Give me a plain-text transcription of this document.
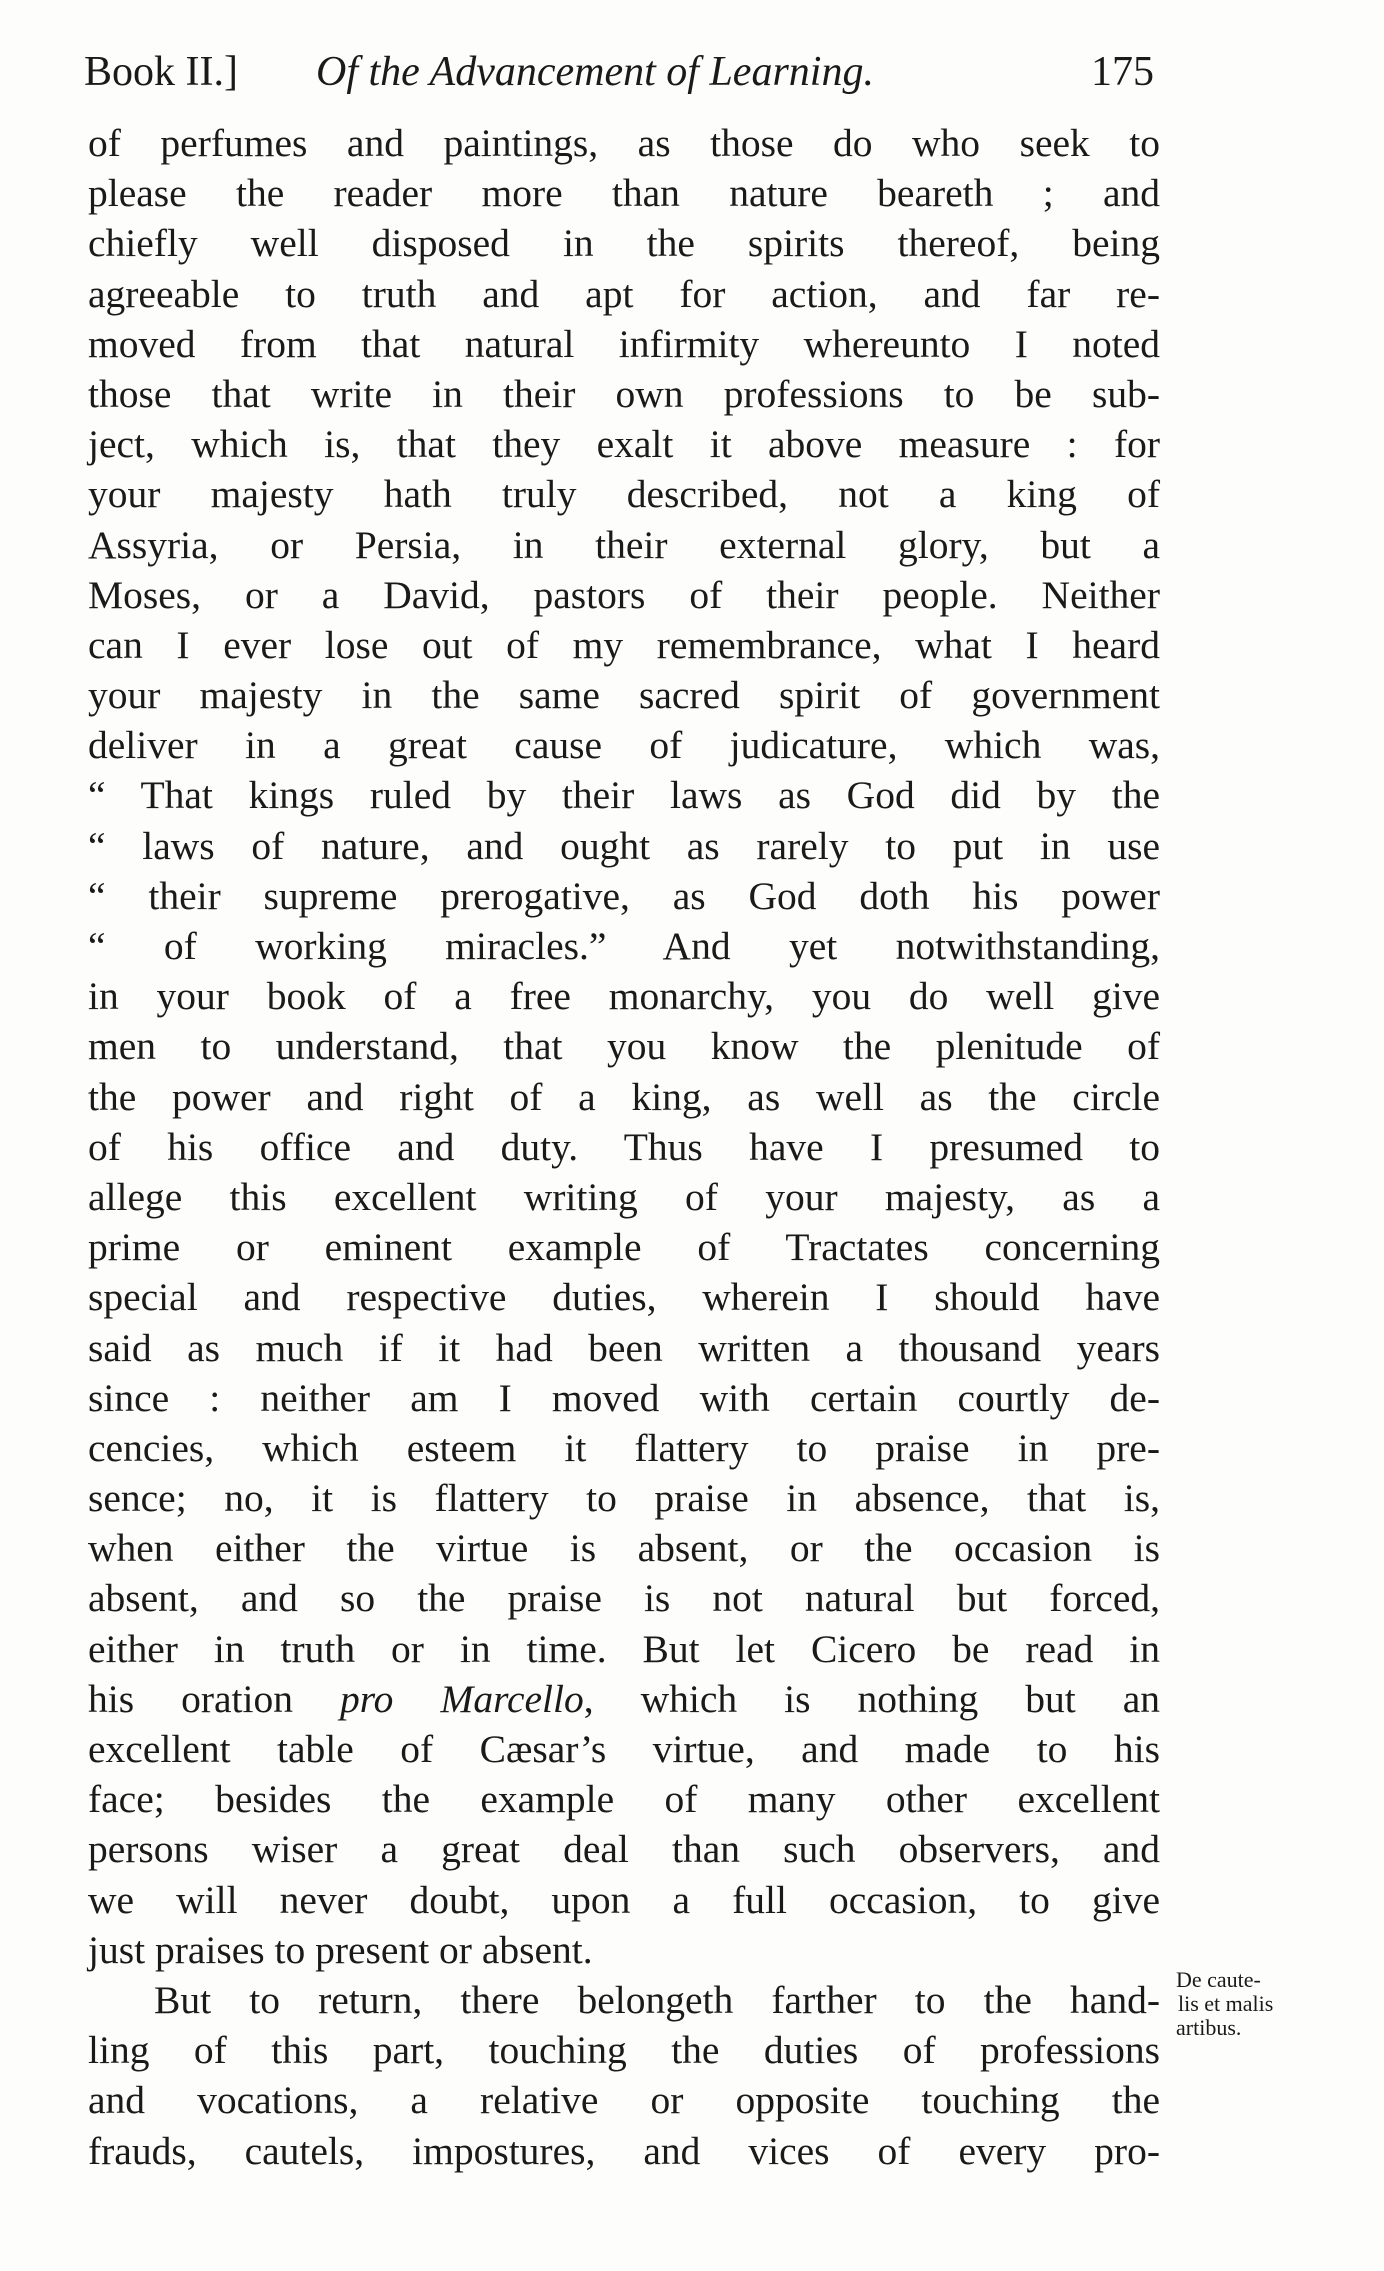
Book II.] Of the Advancement of Learning.	175
of perfumes and paintings, as those do who seek to
please the reader more than nature beareth ; and
chiefly well disposed in the spirits thereof, being
agreeable to truth and apt for action, and far re-
moved from that natural infirmity whereunto I noted
those that write in their own professions to be sub-
ject, which is, that they exalt it above measure : for
your majesty hath truly described, not a king of
Assyria, or Persia, in their external glory, but a
Moses, or a David, pastors of their people. Neither
can I ever lose out of my remembrance, what I heard
your majesty in the same sacred spirit of government
deliver in a great cause of judicature, which was,
“ That kings ruled by their laws as God did by the
“ laws of nature, and ought as rarely to put in use
“ their supreme prerogative, as God doth his power
“ of working miracles.” And yet notwithstanding,
in your book of a free monarchy, you do well give
men to understand, that you know the plenitude of
the power and right of a king, as well as the circle
of his office and duty. Thus have I presumed to
allege this excellent writing of your majesty, as a
prime or eminent example of Tractates concerning
special and respective duties, wherein I should have
said as much if it had been written a thousand years
since : neither am I moved with certain courtly de-
cencies, which esteem it flattery to praise in pre-
sence; no, it is flattery to praise in absence, that is,
when either the virtue is absent, or the occasion is
absent, and so the praise is not natural but forced,
either in truth or in time. But let Cicero be read in
his oration pro Marcello, which is nothing but an
excellent table of Cæsar’s virtue, and made to his
face; besides the example of many other excellent
persons wiser a great deal than such observers, and
we will never doubt, upon a full occasion, to give
just praises to present or absent.
But to return, there belongeth farther to the hand-
ling of this part, touching the duties of professions
and vocations, a relative or opposite touching the
frauds, cautels, impostures, and vices of every pro-
De caute-
lis et malis
artibus.
